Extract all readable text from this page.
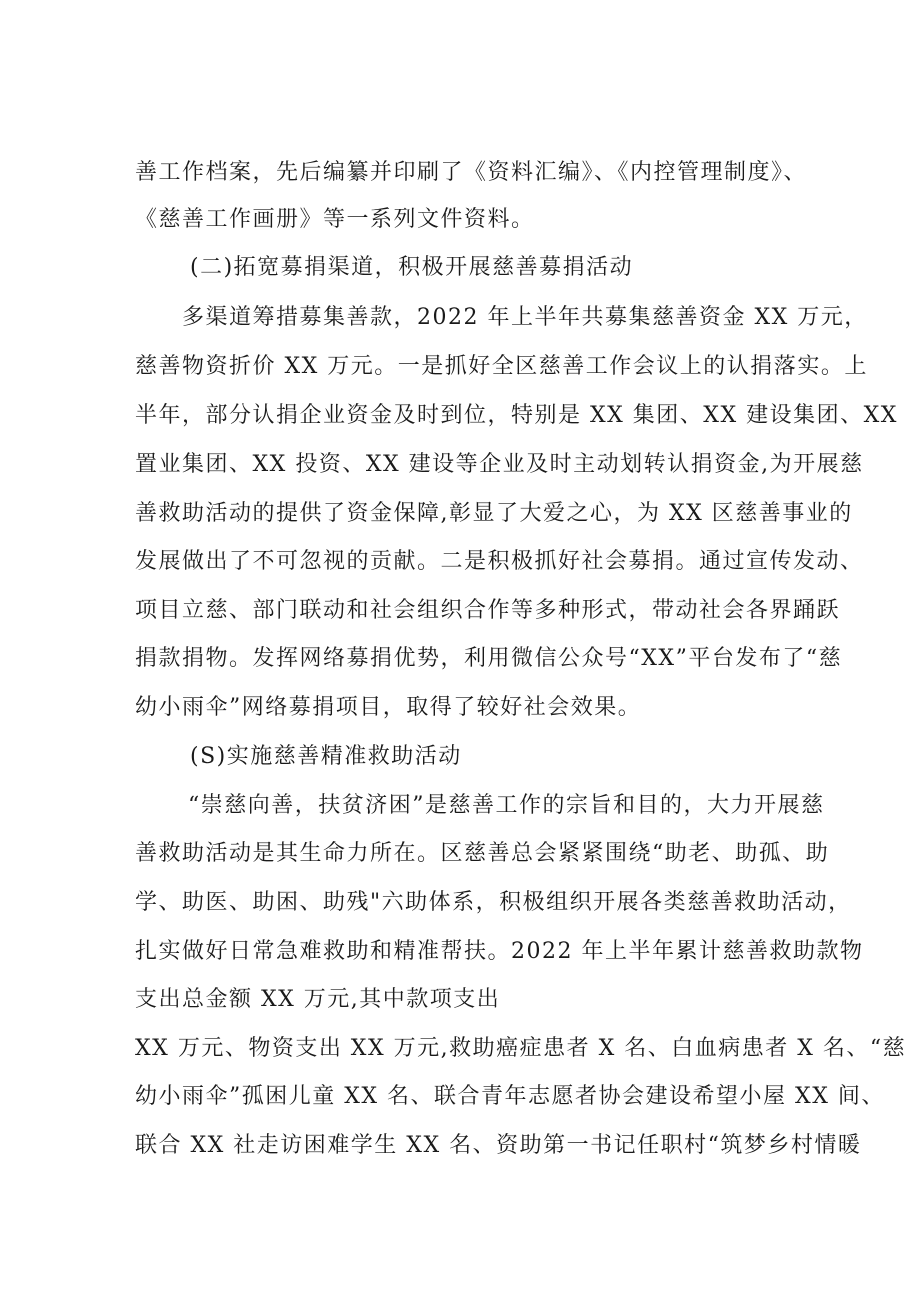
善工作档案，先后编纂并印刷了《资料汇编》、《内控管理制度》、
《慈善工作画册》等一系列文件资料。
(二)拓宽募捐渠道，积极开展慈善募捐活动
多渠道筹措募集善款，2022 年上半年共募集慈善资金 XX 万元，
慈善物资折价 XX 万元。一是抓好全区慈善工作会议上的认捐落实。上
半年，部分认捐企业资金及时到位，特别是 XX 集团、XX 建设集团、XX
置业集团、XX 投资、XX 建设等企业及时主动划转认捐资金,为开展慈
善救助活动的提供了资金保障,彰显了大爱之心，为 XX 区慈善事业的
发展做出了不可忽视的贡献。二是积极抓好社会募捐。通过宣传发动、
项目立慈、部门联动和社会组织合作等多种形式，带动社会各界踊跃
捐款捐物。发挥网络募捐优势，利用微信公众号“XX”平台发布了“慈
幼小雨伞”网络募捐项目，取得了较好社会效果。
(S)实施慈善精准救助活动
“崇慈向善，扶贫济困”是慈善工作的宗旨和目的，大力开展慈
善救助活动是其生命力所在。区慈善总会紧紧围绕“助老、助孤、助
学、助医、助困、助残"六助体系，积极组织开展各类慈善救助活动，
扎实做好日常急难救助和精准帮扶。2022 年上半年累计慈善救助款物
支出总金额 XX 万元,其中款项支出
XX 万元、物资支出 XX 万元,救助癌症患者 X 名、白血病患者 X 名、“慈
幼小雨伞”孤困儿童 XX 名、联合青年志愿者协会建设希望小屋 XX 间、
联合 XX 社走访困难学生 XX 名、资助第一书记任职村“筑梦乡村情暖
